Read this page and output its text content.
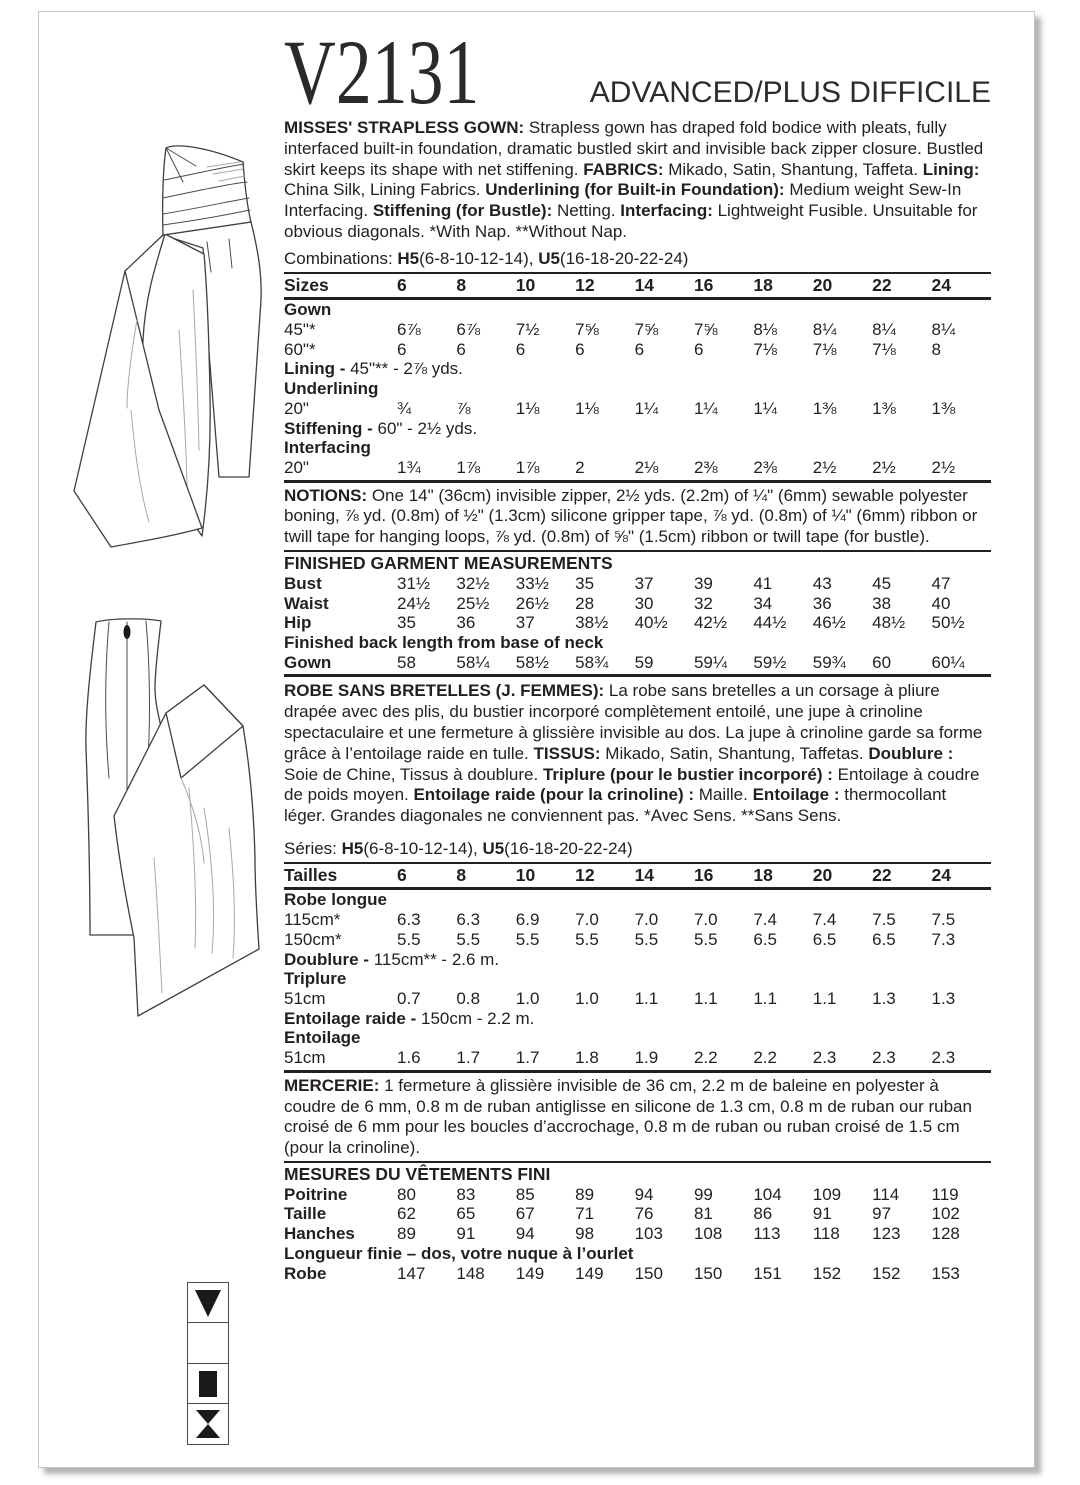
V2131	ADVANCED/PLUS DIFFICILE

MISSES' STRAPLESS GOWN: Strapless gown has draped fold bodice with pleats, fully interfaced built-in foundation, dramatic bustled skirt and invisible back zipper closure. Bustled skirt keeps its shape with net stiffening. FABRICS: Mikado, Satin, Shantung, Taffeta. Lining: China Silk, Lining Fabrics. Underlining (for Built-in Foundation): Medium weight Sew-In Interfacing. Stiffening (for Bustle): Netting. Interfacing: Lightweight Fusible. Unsuitable for obvious diagonals. *With Nap. **Without Nap.

Combinations: H5(6-8-10-12-14), U5(16-18-20-22-24)
Sizes	6	8	10	12	14	16	18	20	22	24
Gown
45"*	6⅞	6⅞	7½	7⅝	7⅝	7⅝	8⅛	8¼	8¼	8¼
60"*	6	6	6	6	6	6	7⅛	7⅛	7⅛	8
Lining - 45"** - 2⅞ yds.
Underlining
20"	¾	⅞	1⅛	1⅛	1¼	1¼	1¼	1⅜	1⅜	1⅜
Stiffening - 60" - 2½ yds.
Interfacing
20"	1¾	1⅞	1⅞	2	2⅛	2⅜	2⅜	2½	2½	2½

NOTIONS: One 14" (36cm) invisible zipper, 2½ yds. (2.2m) of ¼" (6mm) sewable polyester boning, ⅞ yd. (0.8m) of ½" (1.3cm) silicone gripper tape, ⅞ yd. (0.8m) of ¼" (6mm) ribbon or twill tape for hanging loops, ⅞ yd. (0.8m) of ⅝" (1.5cm) ribbon or twill tape (for bustle).

FINISHED GARMENT MEASUREMENTS
Bust	31½	32½	33½	35	37	39	41	43	45	47
Waist	24½	25½	26½	28	30	32	34	36	38	40
Hip	35	36	37	38½	40½	42½	44½	46½	48½	50½
Finished back length from base of neck
Gown	58	58¼	58½	58¾	59	59¼	59½	59¾	60	60¼

ROBE SANS BRETELLES (J. FEMMES): La robe sans bretelles a un corsage à pliure drapée avec des plis, du bustier incorporé complètement entoilé, une jupe à crinoline spectaculaire et une fermeture à glissière invisible au dos. La jupe à crinoline garde sa forme grâce à l’entoilage raide en tulle. TISSUS: Mikado, Satin, Shantung, Taffetas. Doublure : Soie de Chine, Tissus à doublure. Triplure (pour le bustier incorporé) : Entoilage à coudre de poids moyen. Entoilage raide (pour la crinoline) : Maille. Entoilage : thermocollant léger. Grandes diagonales ne conviennent pas. *Avec Sens. **Sans Sens.

Séries: H5(6-8-10-12-14), U5(16-18-20-22-24)
Tailles	6	8	10	12	14	16	18	20	22	24
Robe longue
115cm*	6.3	6.3	6.9	7.0	7.0	7.0	7.4	7.4	7.5	7.5
150cm*	5.5	5.5	5.5	5.5	5.5	5.5	6.5	6.5	6.5	7.3
Doublure - 115cm** - 2.6 m.
Triplure
51cm	0.7	0.8	1.0	1.0	1.1	1.1	1.1	1.1	1.3	1.3
Entoilage raide - 150cm - 2.2 m.
Entoilage
51cm	1.6	1.7	1.7	1.8	1.9	2.2	2.2	2.3	2.3	2.3

MERCERIE: 1 fermeture à glissière invisible de 36 cm, 2.2 m de baleine en polyester à coudre de 6 mm, 0.8 m de ruban antiglisse en silicone de 1.3 cm, 0.8 m de ruban our ruban croisé de 6 mm pour les boucles d’accrochage, 0.8 m de ruban ou ruban croisé de 1.5 cm (pour la crinoline).

MESURES DU VÊTEMENTS FINI
Poitrine	80	83	85	89	94	99	104	109	114	119
Taille	62	65	67	71	76	81	86	91	97	102
Hanches	89	91	94	98	103	108	113	118	123	128
Longueur finie – dos, votre nuque à l’ourlet
Robe	147	148	149	149	150	150	151	152	152	153
